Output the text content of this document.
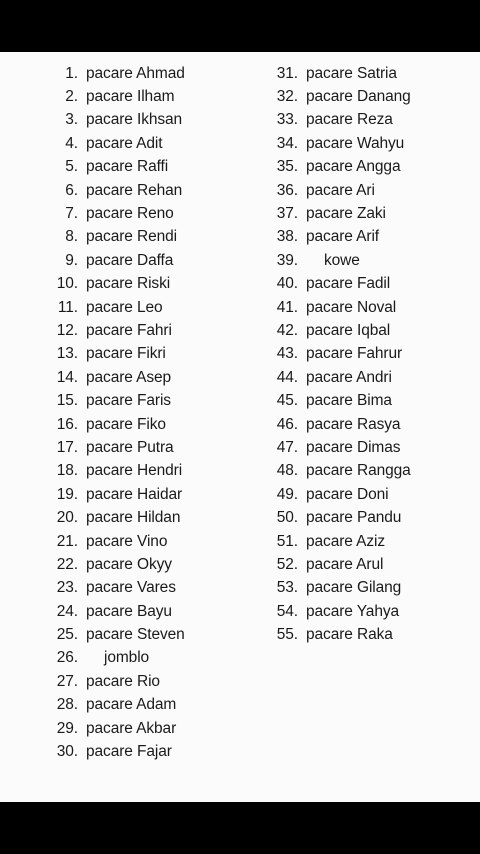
1. pacare Ahmad
2. pacare Ilham
3. pacare Ikhsan
4. pacare Adit
5. pacare Raffi
6. pacare Rehan
7. pacare Reno
8. pacare Rendi
9. pacare Daffa
10. pacare Riski
11. pacare Leo
12. pacare Fahri
13. pacare Fikri
14. pacare Asep
15. pacare Faris
16. pacare Fiko
17. pacare Putra
18. pacare Hendri
19. pacare Haidar
20. pacare Hildan
21. pacare Vino
22. pacare Okyy
23. pacare Vares
24. pacare Bayu
25. pacare Steven
26. jomblo
27. pacare Rio
28. pacare Adam
29. pacare Akbar
30. pacare Fajar
31. pacare Satria
32. pacare Danang
33. pacare Reza
34. pacare Wahyu
35. pacare Angga
36. pacare Ari
37. pacare Zaki
38. pacare Arif
39. kowe
40. pacare Fadil
41. pacare Noval
42. pacare Iqbal
43. pacare Fahrur
44. pacare Andri
45. pacare Bima
46. pacare Rasya
47. pacare Dimas
48. pacare Rangga
49. pacare Doni
50. pacare Pandu
51. pacare Aziz
52. pacare Arul
53. pacare Gilang
54. pacare Yahya
55. pacare Raka
